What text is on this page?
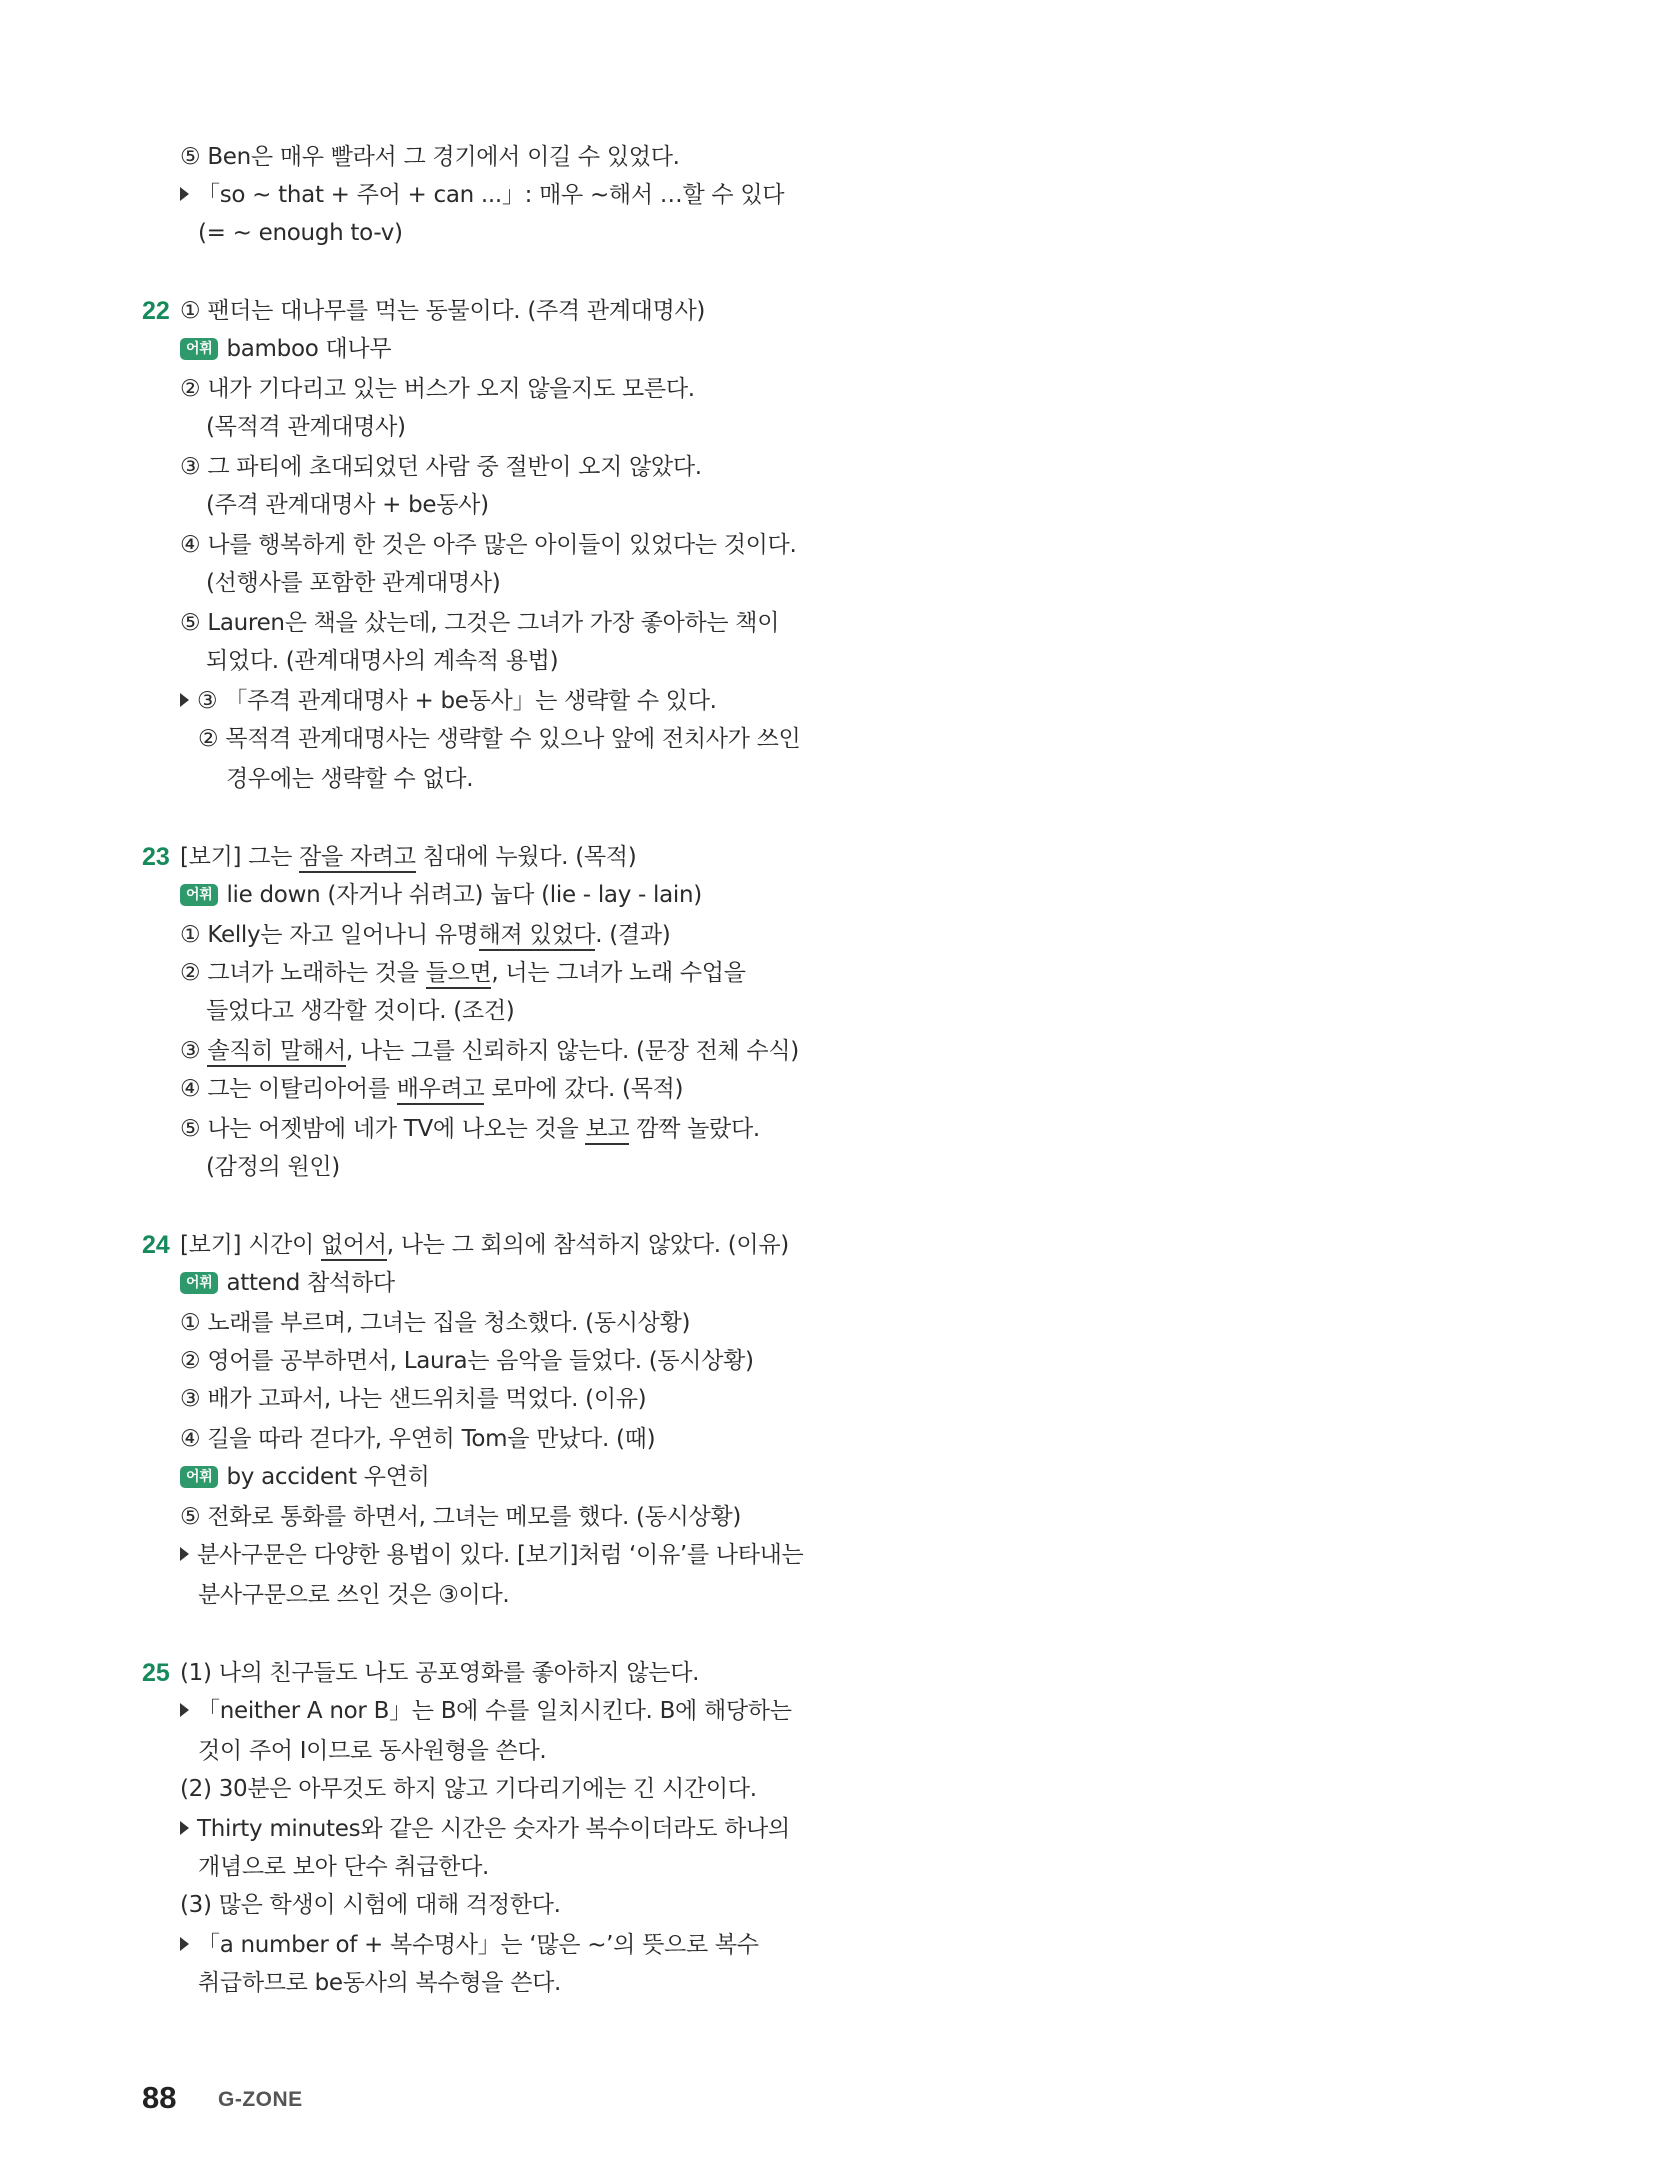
⑤ Ben은 매우 빨라서 그 경기에서 이길 수 있었다.
「so ~ that + 주어 + can ...」: 매우 ~해서 …할 수 있다
(= ~ enough to-v)
22 ① 팬더는 대나무를 먹는 동물이다. (주격 관계대명사)
어휘 bamboo 대나무
② 내가 기다리고 있는 버스가 오지 않을지도 모른다.
(목적격 관계대명사)
③ 그 파티에 초대되었던 사람 중 절반이 오지 않았다.
(주격 관계대명사 + be동사)
④ 나를 행복하게 한 것은 아주 많은 아이들이 있었다는 것이다.
(선행사를 포함한 관계대명사)
⑤ Lauren은 책을 샀는데, 그것은 그녀가 가장 좋아하는 책이
되었다. (관계대명사의 계속적 용법)
③ 「주격 관계대명사 + be동사」는 생략할 수 있다.
② 목적격 관계대명사는 생략할 수 있으나 앞에 전치사가 쓰인
경우에는 생략할 수 없다.
23 [보기] 그는 잠을 자려고 침대에 누웠다. (목적)
어휘 lie down (자거나 쉬려고) 눕다 (lie - lay - lain)
① Kelly는 자고 일어나니 유명해져 있었다. (결과)
② 그녀가 노래하는 것을 들으면, 너는 그녀가 노래 수업을
들었다고 생각할 것이다. (조건)
③ 솔직히 말해서, 나는 그를 신뢰하지 않는다. (문장 전체 수식)
④ 그는 이탈리아어를 배우려고 로마에 갔다. (목적)
⑤ 나는 어젯밤에 네가 TV에 나오는 것을 보고 깜짝 놀랐다.
(감정의 원인)
24 [보기] 시간이 없어서, 나는 그 회의에 참석하지 않았다. (이유)
어휘 attend 참석하다
① 노래를 부르며, 그녀는 집을 청소했다. (동시상황)
② 영어를 공부하면서, Laura는 음악을 들었다. (동시상황)
③ 배가 고파서, 나는 샌드위치를 먹었다. (이유)
④ 길을 따라 걷다가, 우연히 Tom을 만났다. (때)
어휘 by accident 우연히
⑤ 전화로 통화를 하면서, 그녀는 메모를 했다. (동시상황)
분사구문은 다양한 용법이 있다. [보기]처럼 ‘이유’를 나타내는
분사구문으로 쓰인 것은 ③이다.
25 (1) 나의 친구들도 나도 공포영화를 좋아하지 않는다.
「neither A nor B」는 B에 수를 일치시킨다. B에 해당하는
것이 주어 I이므로 동사원형을 쓴다.
(2) 30분은 아무것도 하지 않고 기다리기에는 긴 시간이다.
Thirty minutes와 같은 시간은 숫자가 복수이더라도 하나의
개념으로 보아 단수 취급한다.
(3) 많은 학생이 시험에 대해 걱정한다.
「a number of + 복수명사」는 ‘많은 ~’의 뜻으로 복수
취급하므로 be동사의 복수형을 쓴다.
88 G-ZONE
